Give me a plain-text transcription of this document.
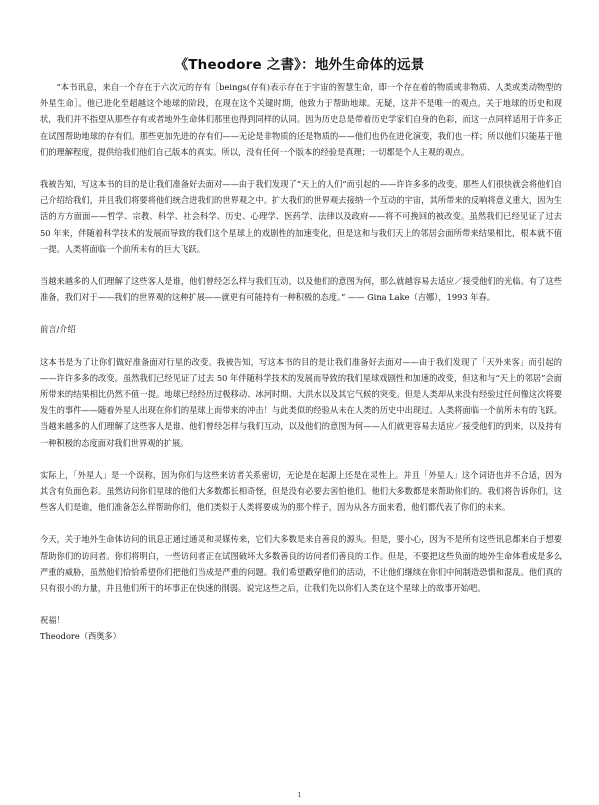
《Theodore 之書》：地外生命体的远景

“本书讯息，来自一个存在于六次元的存有［beings(存有)表示存在于宇宙的智慧生命，即一个存在着的物质或非物质、人类或类动物型的外星生命］。他已进化至超越这个地球的阶段，在现在这个关键时期，他致力于帮助地球。无疑，这并不是唯一的观点。关于地球的历史和现状，我们并不指望从那些存有或者地外生命体们那里也得到同样的认同。因为历史总是带着历史学家们自身的色彩，而这一点同样适用于许多正在试图帮助地球的存有们。那些更加先进的存有们——无论是非物质的还是物质的——他们也仍在进化演变，我们也一样；所以他们只能基于他们的理解程度，提供给我们他们自己版本的真实。所以，没有任何一个版本的经验是真理；一切都是个人主观的观点。

我被告知，写这本书的目的是让我们准备好去面对——由于我们发现了“天上的人们”而引起的——许许多多的改变。那些人们很快就会将他们自己介绍给我们，并且我们将要将他们统合进我们的世界观之中。扩大我们的世界观去接纳一个互动的宇宙，其所带来的反响将意义重大，因为生活的方方面面——哲学、宗教、科学、社会科学、历史、心理学、医药学、法律以及政府——将不可挽回的被改变。虽然我们已经见证了过去 50 年来，伴随着科学技术的发展而导致的我们这个星球上的戏剧性的加速变化，但是这和与我们天上的邻居会面所带来结果相比，根本就不值一提。人类将面临一个前所未有的巨大飞跃。

当越来越多的人们理解了这些客人是谁，他们曾经怎么样与我们互动，以及他们的意图为何，那么就越容易去适应／接受他们的光临。有了这些准备，我们对于——我们的世界观的这种扩展——就更有可能持有一种积极的态度。” —— Gina Lake（吉娜），1993 年春。

前言/介绍

这本书是为了让你们做好准备面对行星的改变。我被告知，写这本书的目的是让我们准备好去面对——由于我们发现了「天外来客」而引起的——许许多多的改变。虽然我们已经见证了过去 50 年伴随科学技术的发展而导致的我们星球戏剧性和加速的改变，但这和与“天上的邻居”会面所带来的结果相比仍然不值一提。地球已经经历过极移动、冰河时期、大洪水以及其它气候的突变。但是人类却从来没有经验过任何像这次将要发生的事件——随着外星人出现在你们的星球上而带来的冲击！与此类似的经验从未在人类的历史中出现过。人类将面临一个前所未有的飞跃。当越来越多的人们理解了这些客人是谁、他们曾经怎样与我们互动，以及他们的意图为何——人们就更容易去适应／接受他们的到来，以及持有一种积极的态度面对我们世界观的扩展。

实际上，「外星人」是一个误称，因为你们与这些来访者关系密切，无论是在起源上还是在灵性上。并且「外星人」这个词语也并不合适，因为其含有负面色彩。虽然访问你们星球的他们大多数都长相奇怪，但是没有必要去害怕他们。他们大多数都是来帮助你们的。我们将告诉你们，这些客人们是谁，他们准备怎么样帮助你们，他们类似于人类将要成为的那个样子，因为从各方面来看，他们都代表了你们的未来。

今天，关于地外生命体访问的讯息正通过通灵和灵媒传来，它们大多数是来自善良的源头。但是，要小心，因为不是所有这些讯息都来自于想要帮助你们的访问者。你们将明白，一些访问者正在试图破坏大多数善良的访问者们善良的工作。但是，不要把这些负面的地外生命体看成是多么严重的威胁，虽然他们恰恰希望你们把他们当成是严重的问题。我们希望戳穿他们的活动，不让他们继续在你们中间制造恐惧和混乱。他们真的只有很小的力量，并且他们所干的坏事正在快速的削弱。说完这些之后，让我们先以你们人类在这个星球上的故事开始吧。

祝福！
Theodore（西奥多）
1
